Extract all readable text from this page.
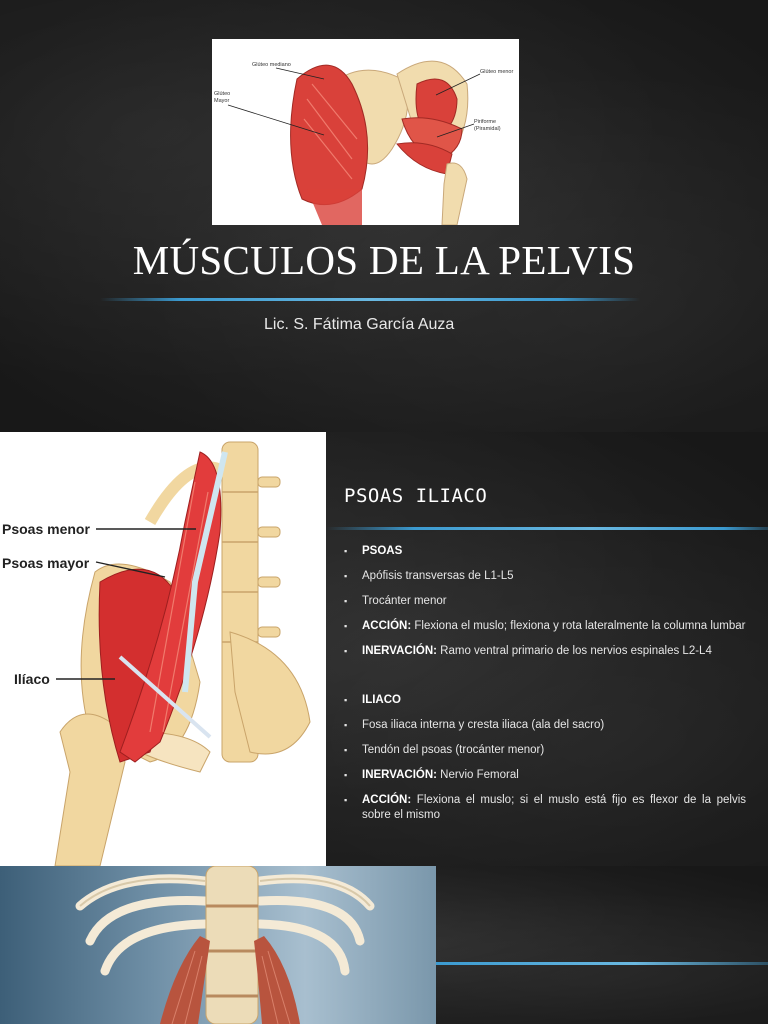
Glúteo mediano
Glúteo
Mayor
Glúteo menor
Piriforme
(Piramidal)
MÚSCULOS DE LA PELVIS
Lic. S. Fátima García Auza
Psoas menor
Psoas mayor
Ilíaco
PSOAS ILIACO
▪ PSOAS
▪ Apófisis transversas de L1-L5
▪ Trocánter menor
▪ ACCIÓN: Flexiona el muslo; flexiona y rota lateralmente la columna lumbar
▪ INERVACIÓN: Ramo ventral primario de los nervios espinales L2-L4
▪ ILIACO
▪ Fosa iliaca interna y cresta iliaca (ala del sacro)
▪ Tendón del psoas (trocánter menor)
▪ INERVACIÓN: Nervio Femoral
▪ ACCIÓN: Flexiona el muslo; si el muslo está fijo es flexor de la pelvis sobre el mismo
